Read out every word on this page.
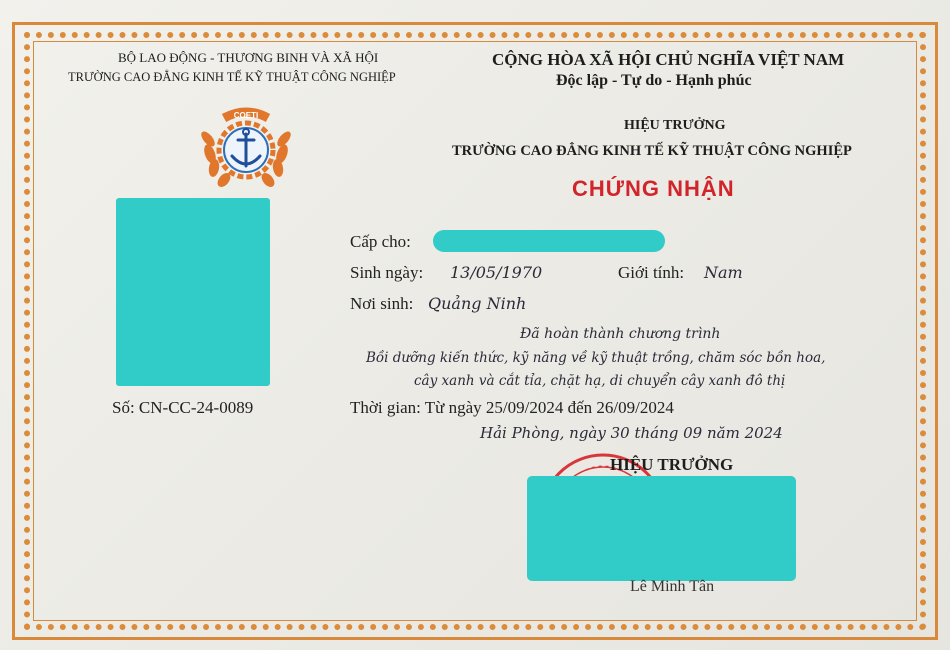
BỘ LAO ĐỘNG - THƯƠNG BINH VÀ XÃ HỘI
TRƯỜNG CAO ĐẲNG KINH TẾ KỸ THUẬT CÔNG NGHIỆP
COETI
Số: CN-CC-24-0089
CỘNG HÒA XÃ HỘI CHỦ NGHĨA VIỆT NAM
Độc lập - Tự do - Hạnh phúc
HIỆU TRƯỞNG
TRƯỜNG CAO ĐẲNG KINH TẾ KỸ THUẬT CÔNG NGHIỆP
CHỨNG NHẬN
Cấp cho:
Sinh ngày: 13/05/1970	Giới tính: Nam
Nơi sinh: Quảng Ninh
Đã hoàn thành chương trình
Bồi dưỡng kiến thức, kỹ năng về kỹ thuật trồng, chăm sóc bồn hoa,
cây xanh và cắt tỉa, chặt hạ, di chuyển cây xanh đô thị
Thời gian: Từ ngày 25/09/2024 đến 26/09/2024
Hải Phòng, ngày 30 tháng 09 năm 2024
HIỆU TRƯỞNG
Lê Minh Tân
